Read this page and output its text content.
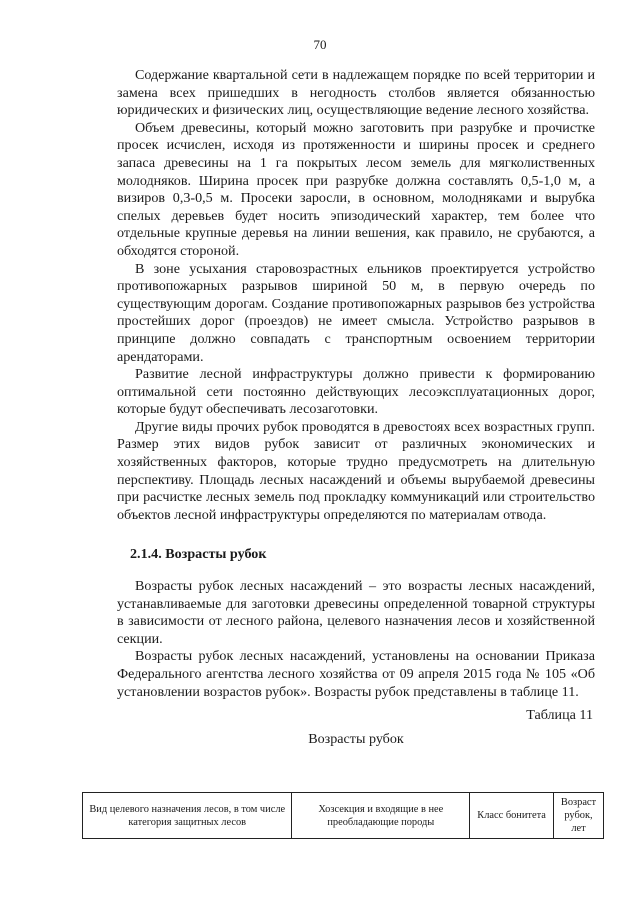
70

Содержание квартальной сети в надлежащем порядке по всей территории и замена всех пришедших в негодность столбов является обязанностью юридических и физических лиц, осуществляющие ведение лесного хозяйства.

Объем древесины, который можно заготовить при разрубке и прочистке просек исчислен, исходя из протяженности и ширины просек и среднего запаса древесины на 1 га покрытых лесом земель для мягколиственных молодняков. Ширина просек при разрубке должна составлять 0,5-1,0 м, а визиров 0,3-0,5 м. Просеки заросли, в основном, молодняками и вырубка спелых деревьев будет носить эпизодический характер, тем более что отдельные крупные деревья на линии вешения, как правило, не срубаются, а обходятся стороной.

В зоне усыхания старовозрастных ельников проектируется устройство противопожарных разрывов шириной 50 м, в первую очередь по существующим дорогам. Создание противопожарных разрывов без устройства простейших дорог (проездов) не имеет смысла. Устройство разрывов в принципе должно совпадать с транспортным освоением территории арендаторами.

Развитие лесной инфраструктуры должно привести к формированию оптимальной сети постоянно действующих лесоэксплуатационных дорог, которые будут обеспечивать лесозаготовки.

Другие виды прочих рубок проводятся в древостоях всех возрастных групп. Размер этих видов рубок зависит от различных экономических и хозяйственных факторов, которые трудно предусмотреть на длительную перспективу. Площадь лесных насаждений и объемы вырубаемой древесины при расчистке лесных земель под прокладку коммуникаций или строительство объектов лесной инфраструктуры определяются по материалам отвода.

2.1.4. Возрасты рубок

Возрасты рубок лесных насаждений – это возрасты лесных насаждений, устанавливаемые для заготовки древесины определенной товарной структуры в зависимости от лесного района, целевого назначения лесов и хозяйственной секции.

Возрасты рубок лесных насаждений, установлены на основании Приказа Федерального агентства лесного хозяйства от 09 апреля 2015 года № 105 «Об установлении возрастов рубок». Возрасты рубок представлены в таблице 11.

Таблица 11

Возрасты рубок

Вид целевого назначения лесов, в том числе категория защитных лесов	Хозсекция и входящие в нее преобладающие породы	Класс бонитета	Возраст рубок, лет
